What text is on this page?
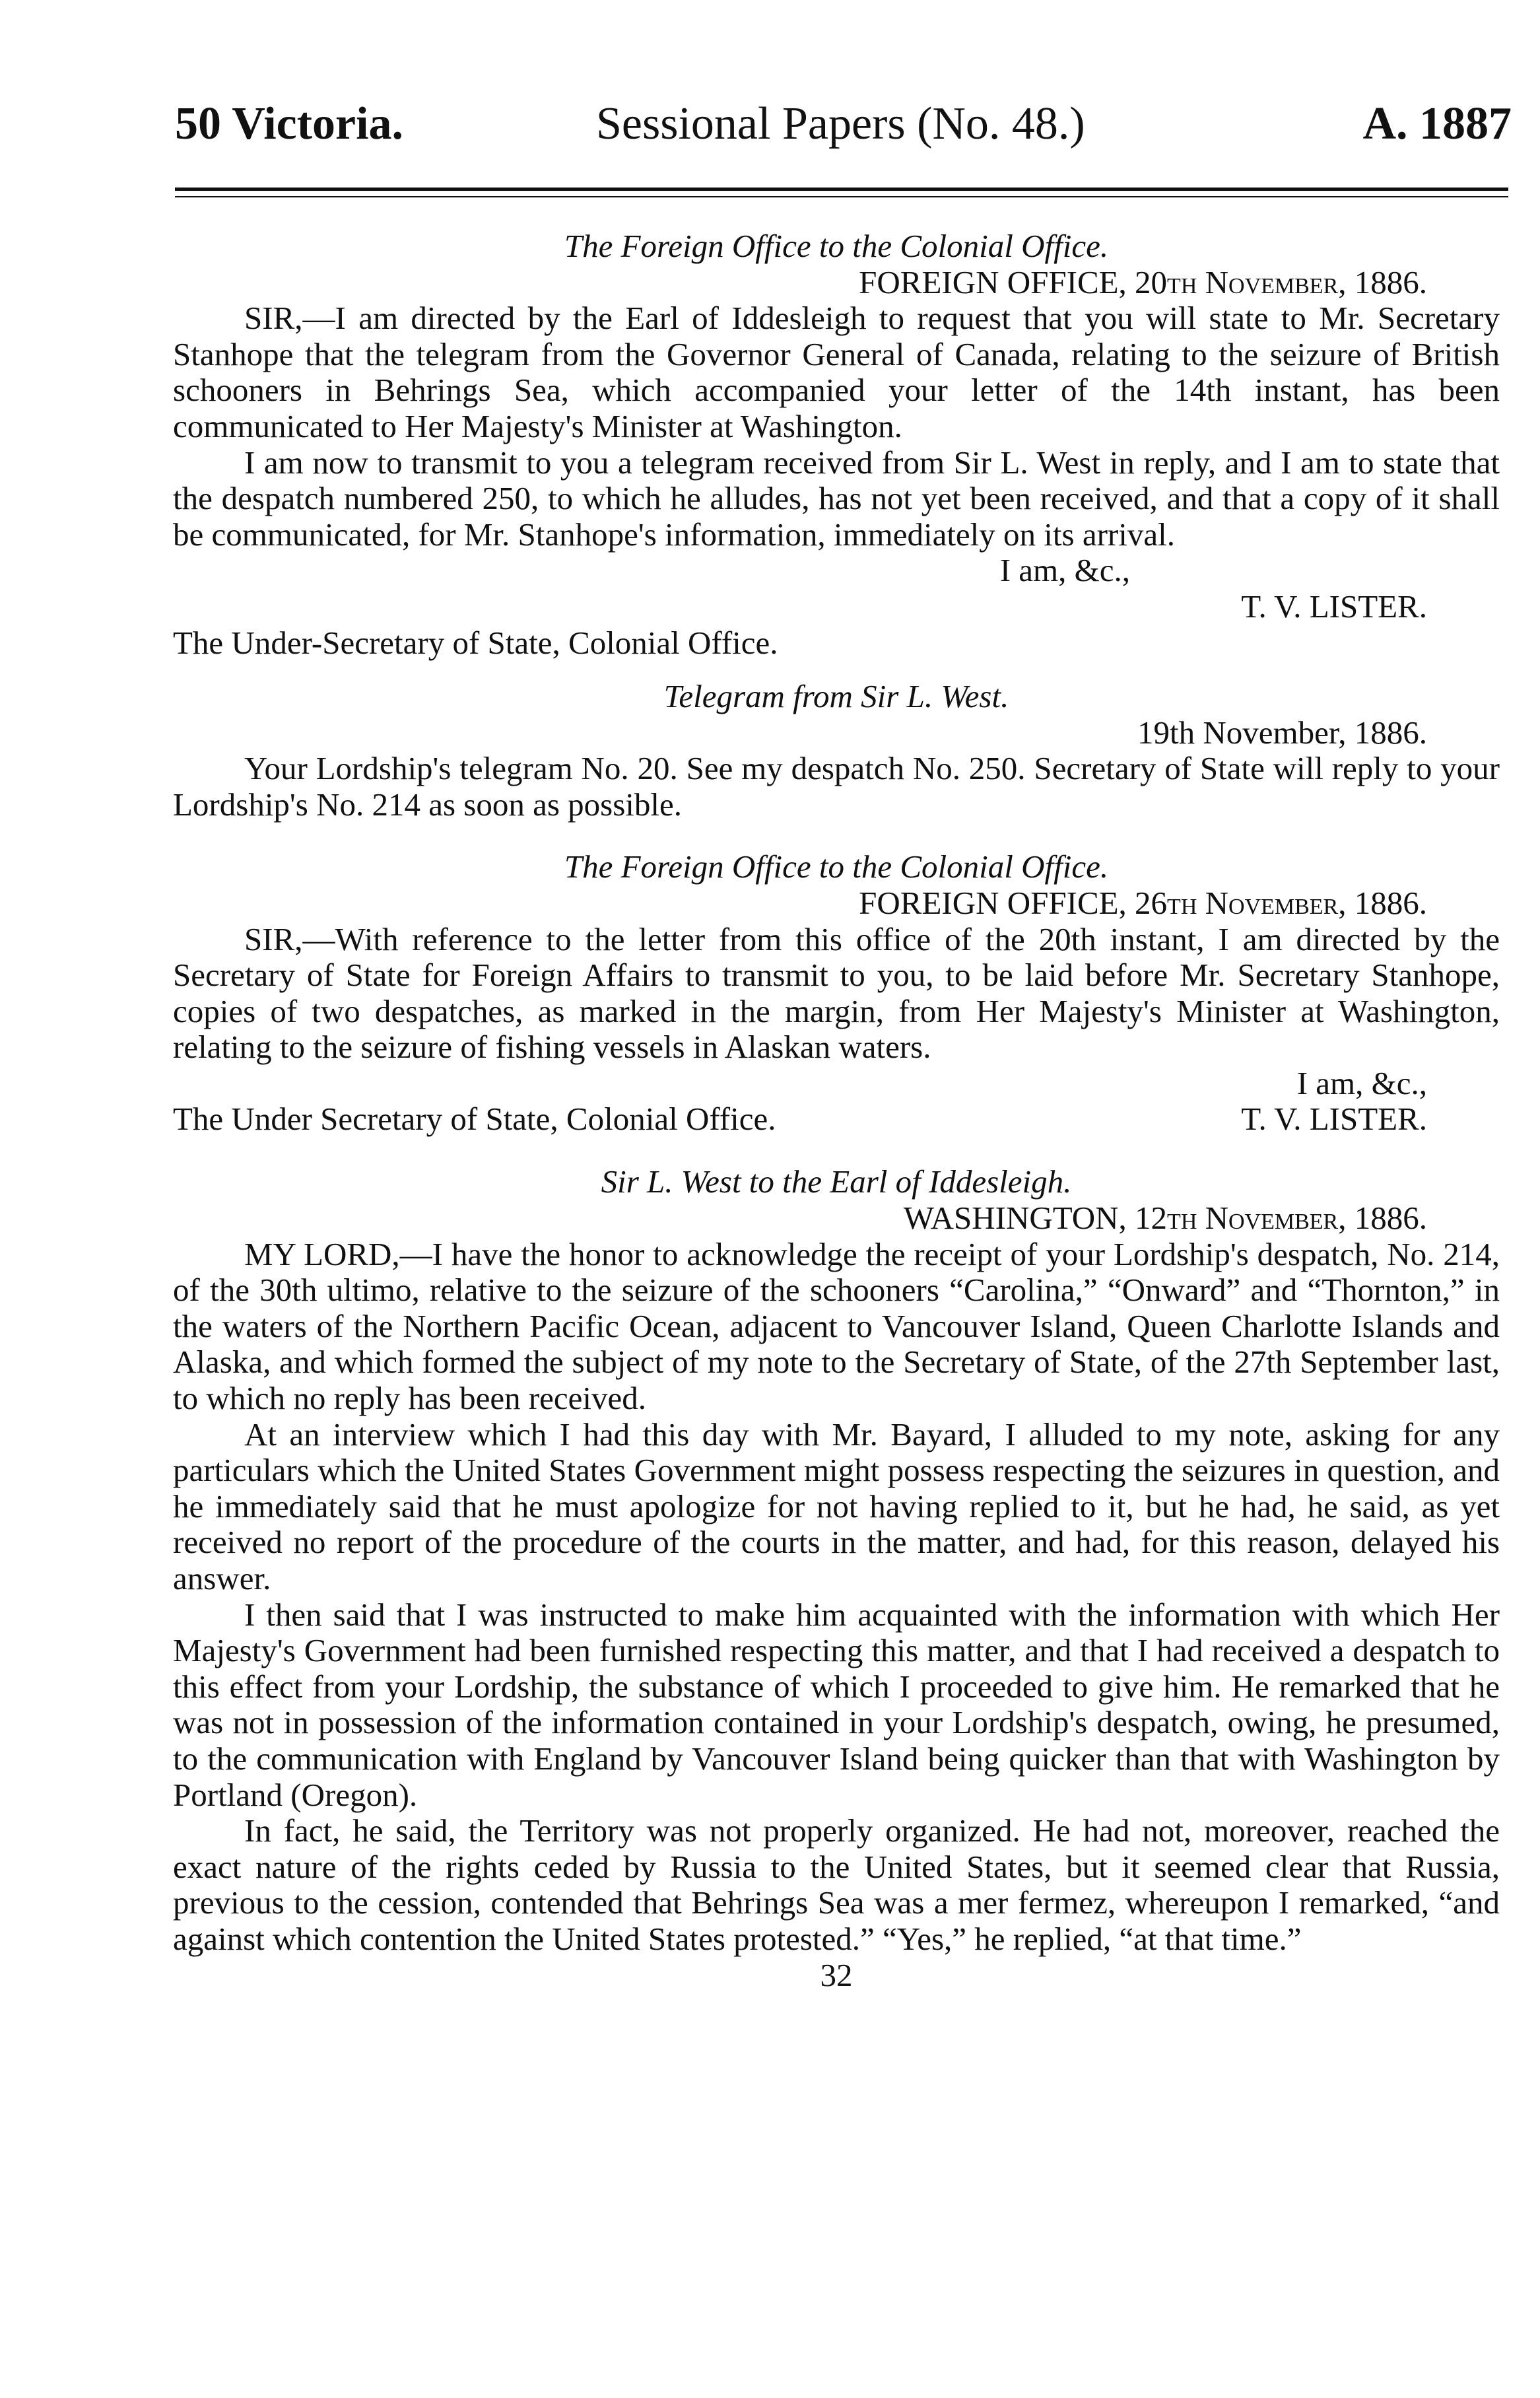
50 Victoria.	Sessional Papers (No. 48.)	A. 1887

The Foreign Office to the Colonial Office.

FOREIGN OFFICE, 20th November, 1886.

SIR,—I am directed by the Earl of Iddesleigh to request that you will state to Mr. Secretary Stanhope that the telegram from the Governor General of Canada, relating to the seizure of British schooners in Behrings Sea, which accompanied your letter of the 14th instant, has been communicated to Her Majesty's Minister at Washington.

I am now to transmit to you a telegram received from Sir L. West in reply, and I am to state that the despatch numbered 250, to which he alludes, has not yet been received, and that a copy of it shall be communicated, for Mr. Stanhope's information, immediately on its arrival.

I am, &c.,

T. V. LISTER.
The Under-Secretary of State, Colonial Office.

Telegram from Sir L. West.

19th November, 1886.

Your Lordship's telegram No. 20. See my despatch No. 250. Secretary of State will reply to your Lordship's No. 214 as soon as possible.

The Foreign Office to the Colonial Office.

FOREIGN OFFICE, 26th November, 1886.

SIR,—With reference to the letter from this office of the 20th instant, I am directed by the Secretary of State for Foreign Affairs to transmit to you, to be laid before Mr. Secretary Stanhope, copies of two despatches, as marked in the margin, from Her Majesty's Minister at Washington, relating to the seizure of fishing vessels in Alaskan waters.

I am, &c.,

The Under Secretary of State, Colonial Office.	T. V. LISTER.

Sir L. West to the Earl of Iddesleigh.

WASHINGTON, 12th November, 1886.

MY LORD,—I have the honor to acknowledge the receipt of your Lordship's despatch, No. 214, of the 30th ultimo, relative to the seizure of the schooners “Carolina,” “Onward” and “Thornton,” in the waters of the Northern Pacific Ocean, adjacent to Vancouver Island, Queen Charlotte Islands and Alaska, and which formed the subject of my note to the Secretary of State, of the 27th September last, to which no reply has been received.

At an interview which I had this day with Mr. Bayard, I alluded to my note, asking for any particulars which the United States Government might possess respecting the seizures in question, and he immediately said that he must apologize for not having replied to it, but he had, he said, as yet received no report of the procedure of the courts in the matter, and had, for this reason, delayed his answer.

I then said that I was instructed to make him acquainted with the information with which Her Majesty's Government had been furnished respecting this matter, and that I had received a despatch to this effect from your Lordship, the substance of which I proceeded to give him. He remarked that he was not in possession of the information contained in your Lordship's despatch, owing, he presumed, to the communication with England by Vancouver Island being quicker than that with Washington by Portland (Oregon).

In fact, he said, the Territory was not properly organized. He had not, moreover, reached the exact nature of the rights ceded by Russia to the United States, but it seemed clear that Russia, previous to the cession, contended that Behrings Sea was a mer fermez, whereupon I remarked, “and against which contention the United States protested.” “Yes,” he replied, “at that time.”

32
